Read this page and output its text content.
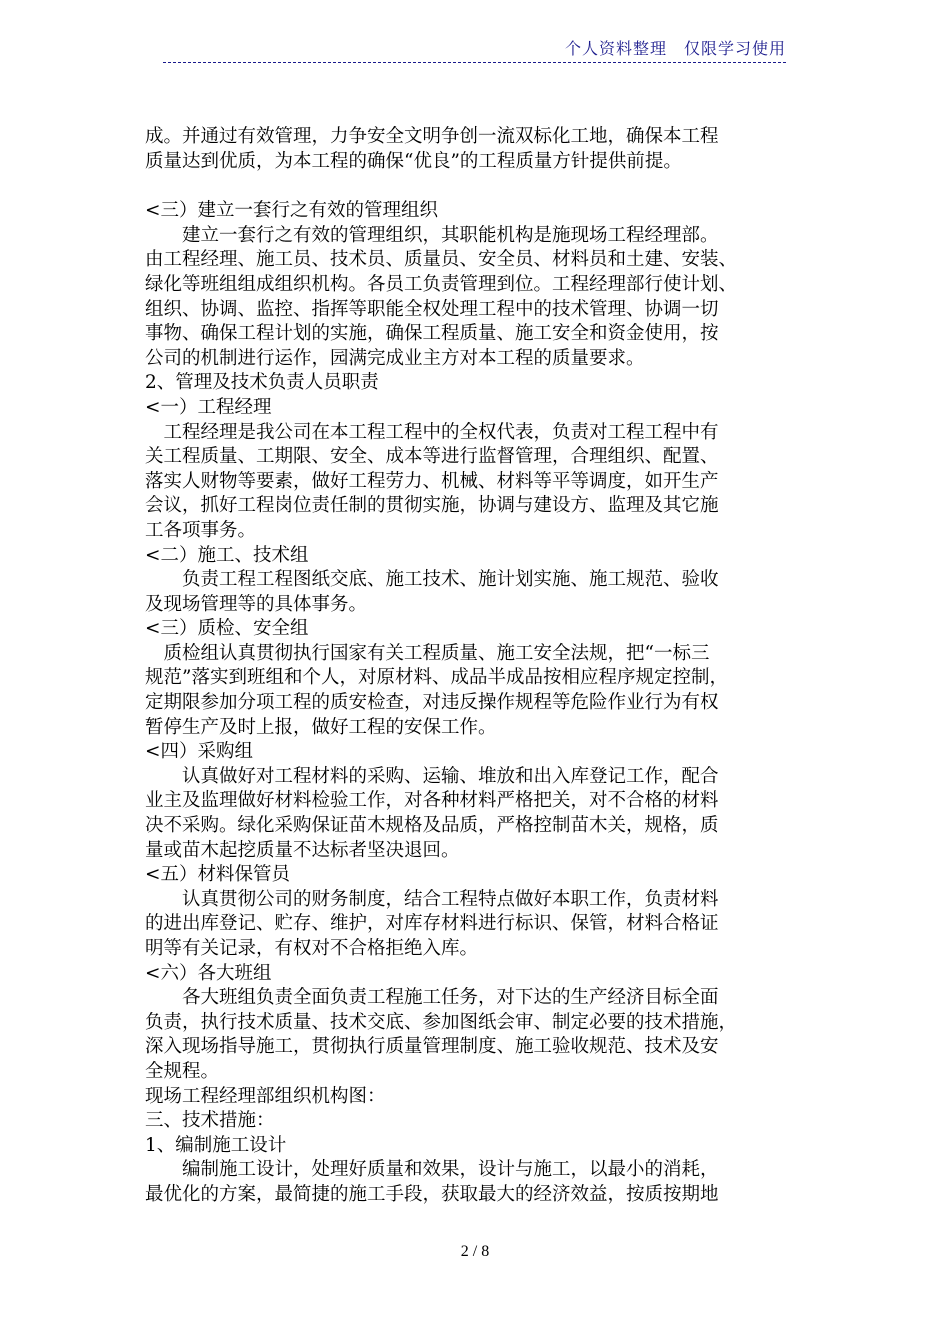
个人资料整理　仅限学习使用
成。并通过有效管理，力争安全文明争创一流双标化工地，确保本工程
质量达到优质，为本工程的确保“优良”的工程质量方针提供前提。
<三）建立一套行之有效的管理组织
　　建立一套行之有效的管理组织，其职能机构是施现场工程经理部。
由工程经理、施工员、技术员、质量员、安全员、材料员和土建、安装、
绿化等班组组成组织机构。各员工负责管理到位。工程经理部行使计划、
组织、协调、监控、指挥等职能全权处理工程中的技术管理、协调一切
事物、确保工程计划的实施，确保工程质量、施工安全和资金使用，按
公司的机制进行运作，园满完成业主方对本工程的质量要求。
2、管理及技术负责人员职责
<一）工程经理
　工程经理是我公司在本工程工程中的全权代表，负责对工程工程中有
关工程质量、工期限、安全、成本等进行监督管理，合理组织、配置、
落实人财物等要素，做好工程劳力、机械、材料等平等调度，如开生产
会议，抓好工程岗位责任制的贯彻实施，协调与建设方、监理及其它施
工各项事务。
<二）施工、技术组
　　负责工程工程图纸交底、施工技术、施计划实施、施工规范、验收
及现场管理等的具体事务。
<三）质检、安全组
　质检组认真贯彻执行国家有关工程质量、施工安全法规，把“一标三
规范”落实到班组和个人，对原材料、成品半成品按相应程序规定控制，
定期限参加分项工程的质安检查，对违反操作规程等危险作业行为有权
暂停生产及时上报，做好工程的安保工作。
<四）采购组
　　认真做好对工程材料的采购、运输、堆放和出入库登记工作，配合
业主及监理做好材料检验工作，对各种材料严格把关，对不合格的材料
决不采购。绿化采购保证苗木规格及品质，严格控制苗木关，规格，质
量或苗木起挖质量不达标者坚决退回。
<五）材料保管员
　　认真贯彻公司的财务制度，结合工程特点做好本职工作，负责材料
的进出库登记、贮存、维护，对库存材料进行标识、保管，材料合格证
明等有关记录，有权对不合格拒绝入库。
<六）各大班组
　　各大班组负责全面负责工程施工任务，对下达的生产经济目标全面
负责，执行技术质量、技术交底、参加图纸会审、制定必要的技术措施，
深入现场指导施工，贯彻执行质量管理制度、施工验收规范、技术及安
全规程。
现场工程经理部组织机构图：
三、技术措施：
1、编制施工设计
　　编制施工设计，处理好质量和效果，设计与施工，以最小的消耗，
最优化的方案，最简捷的施工手段，获取最大的经济效益，按质按期地
2 / 8
